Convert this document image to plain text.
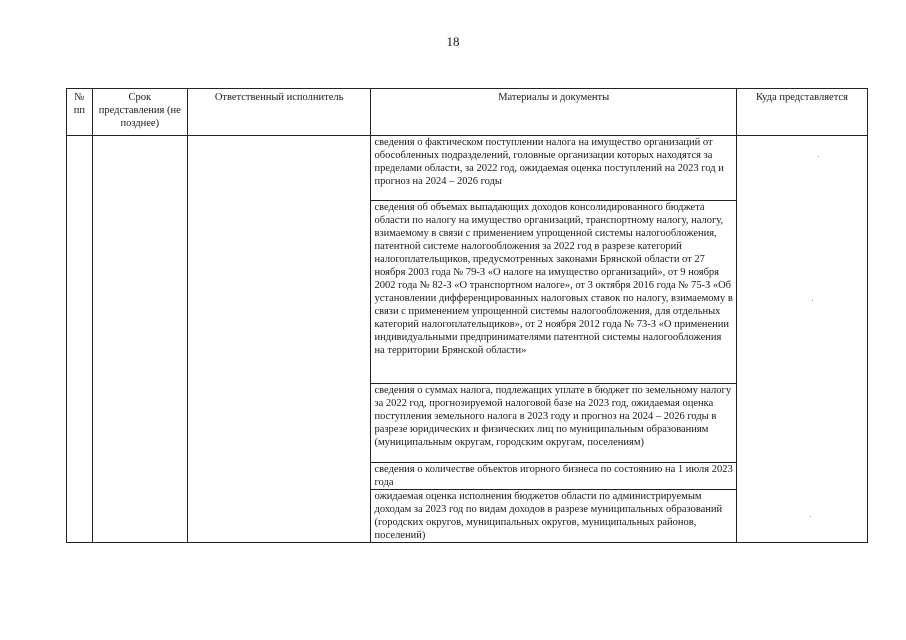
18
№ пп	Срок представления (не позднее)	Ответственный исполнитель	Материалы и документы	Куда представляется
			сведения о фактическом поступлении налога на имущество организаций от обособленных подразделений, головные организации которых находятся за пределами области, за 2022 год, ожидаемая оценка поступлений на 2023 год и прогноз на 2024 – 2026 годы	
			сведения об объемах выпадающих доходов консолидированного бюджета области по налогу на имущество организаций, транспортному налогу, налогу, взимаемому в связи с применением упрощенной системы налогообложения, патентной системе налогообложения за 2022 год в разрезе категорий налогоплательщиков, предусмотренных законами Брянской области от 27 ноября 2003 года № 79-З «О налоге на имущество организаций», от 9 ноября 2002 года № 82-З «О транспортном налоге», от 3 октября 2016 года № 75-З «Об установлении дифференцированных налоговых ставок по налогу, взимаемому в связи с применением упрощенной системы налогообложения, для отдельных категорий налогоплательщиков», от 2 ноября 2012 года № 73-З «О применении индивидуальными предпринимателями патентной системы налогообложения на территории Брянской области»	
			сведения о суммах налога, подлежащих уплате в бюджет по земельному налогу за 2022 год, прогнозируемой налоговой базе на 2023 год, ожидаемая оценка поступления земельного налога в 2023 году и прогноз на 2024 – 2026 годы в разрезе юридических и физических лиц по муниципальным образованиям (муниципальным округам, городским округам, поселениям)	
			сведения о количестве объектов игорного бизнеса по состоянию на 1 июля 2023 года	
			ожидаемая оценка исполнения бюджетов области по администрируемым доходам за 2023 год по видам доходов в разрезе муниципальных образований (городских округов, муниципальных округов, муниципальных районов, поселений)	
